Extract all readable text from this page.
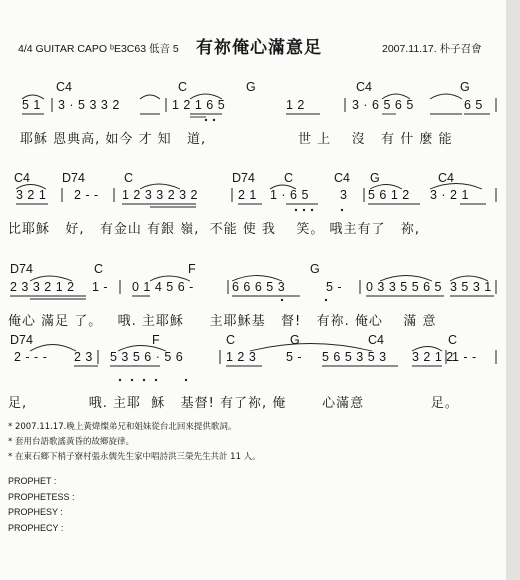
4/4 GUITAR CAPO ᵇE3C63 低音 5 有祢俺心滿意足	2007.11.17. 朴子召會
C4	C	G	C4	G
5 1 3 · 5 3 3 2	1 2 1 6 5	1 2	3 · 6 5 6 5	6 5
耶穌 恩典高, 如今 才 知   道,	世 上    沒   有 什 麼 能
C4	D74	C	D74 C	C4 G	C4
3 2 1 2 - - 1 2 3 3 2 3 2	2 1 1 · 6 5 3 5 6 1 2 3 · 2 1
比耶穌   好,   有金山 有銀 嶺,  不能 使 我    笑。 哦主有了   祢,
D74	C	F	G
2 3 3 2 1 2 1 - 0 1 4 5 6 -	6 6 6 5 3	5 - 0 3 3 5 5 6 5 3 5 3 1
俺心 滿足 了。   哦. 主耶穌     主耶穌基   督!   有祢. 俺心    滿 意
D74	F	C	G	C4	C
2 - - - 2 3 5 3 5 6 · 5 6	1 2 3 5 - 5 6 5 3 5 3 3 2 1 2
1 - -
足,            哦. 主耶  穌   基督! 有了祢, 俺       心滿意             足。
* 2007.11.17.晚上黃煒燦弟兄和姐妹從台北回來提供歌詞。
* 套用台語歌謠黃昏的故鄉旋律。
* 在東石鄉下梢子寮村張永儒先生家中唱詩洪三榮先生共計 11 人。
PROPHET :
PROPHETESS :
PROPHESY :
PROPHECY :
